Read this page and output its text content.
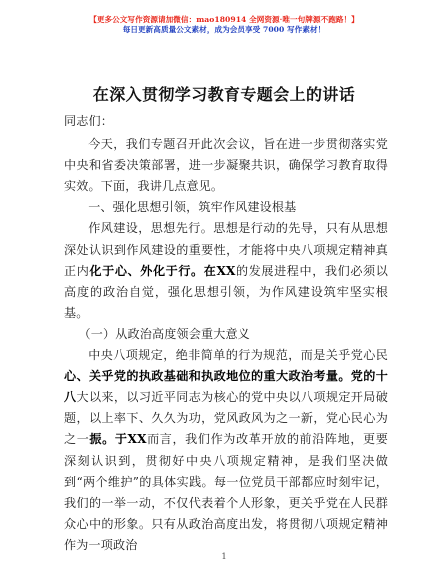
【更多公文写作资源请加微信：mao180914 全网资源·唯一句牌源不跑路！】
每日更新高质量公文素材，成为会员享受 7000 写作素材！
在深入贯彻学习教育专题会上的讲话

同志们：

今天，我们专题召开此次会议，旨在进一步贯彻落实党中央和省委决策部署，进一步凝聚共识，确保学习教育取得实效。下面，我讲几点意见。

一、强化思想引领，筑牢作风建设根基

作风建设，思想先行。思想是行动的先导，只有从思想深处认识到作风建设的重要性，才能将中央八项规定精神真正内化于心、外化于行。在XX的发展进程中，我们必须以高度的政治自觉，强化思想引领，为作风建设筑牢坚实根基。

（一）从政治高度领会重大意义

中央八项规定，绝非简单的行为规范，而是关乎党心民心、关乎党的执政基础和执政地位的重大政治考量。党的十八大以来，以习近平同志为核心的党中央以八项规定开局破题，以上率下、久久为功，党风政风为之一新，党心民心为之一振。于XX而言，我们作为改革开放的前沿阵地，更要深刻认识到，贯彻好中央八项规定精神，是我们坚决做到“两个维护”的具体实践。每一位党员干部都应时刻牢记，我们的一举一动，不仅代表着个人形象，更关乎党在人民群众心中的形象。只有从政治高度出发，将贯彻八项规定精神作为一项政治

1
